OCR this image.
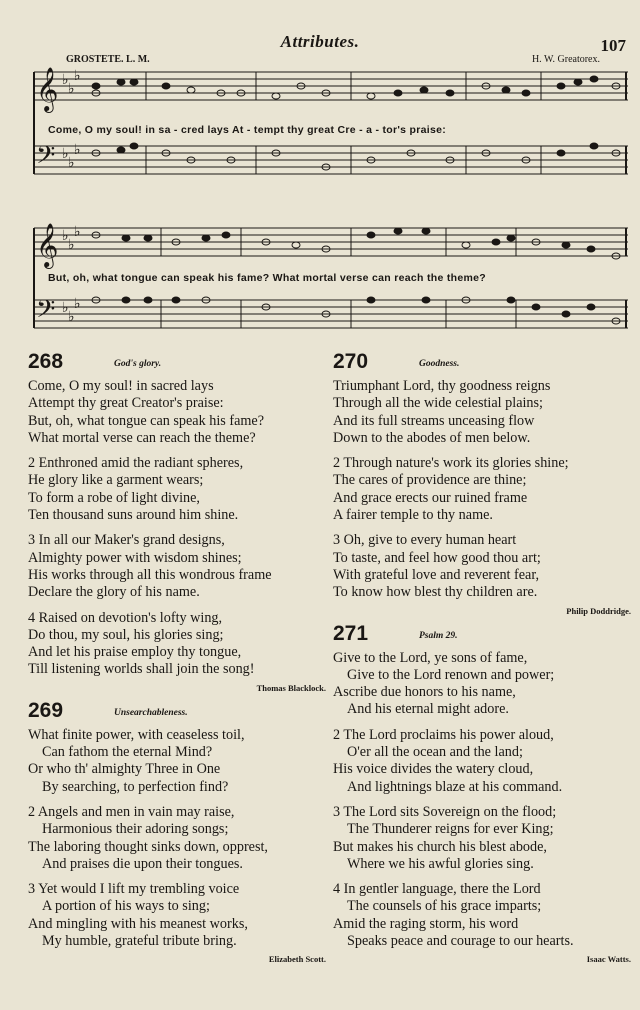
Attributes.	107
GROSTETE. L. M.	H. W. Greatorex.
𝄞
𝄢
♭
♭
♭
♭
♭
♭
Come, O my soul! in sa - cred lays At - tempt thy great Cre - a - tor's praise:
𝄞
𝄢
♭
♭
♭
♭
♭
♭
But, oh, what tongue can speak his fame? What mortal verse can reach the theme?
268	God's glory.
Come, O my soul! in sacred lays
Attempt thy great Creator's praise:
But, oh, what tongue can speak his fame?
What mortal verse can reach the theme?
2 Enthroned amid the radiant spheres,
He glory like a garment wears;
To form a robe of light divine,
Ten thousand suns around him shine.
3 In all our Maker's grand designs,
Almighty power with wisdom shines;
His works through all this wondrous frame
Declare the glory of his name.
4 Raised on devotion's lofty wing,
Do thou, my soul, his glories sing;
And let his praise employ thy tongue,
Till listening worlds shall join the song!
Thomas Blacklock.
269	Unsearchableness.
What finite power, with ceaseless toil,
Can fathom the eternal Mind?
Or who th' almighty Three in One
By searching, to perfection find?
2 Angels and men in vain may raise,
Harmonious their adoring songs;
The laboring thought sinks down, opprest,
And praises die upon their tongues.
3 Yet would I lift my trembling voice
A portion of his ways to sing;
And mingling with his meanest works,
My humble, grateful tribute bring.
Elizabeth Scott.
270	Goodness.
Triumphant Lord, thy goodness reigns
Through all the wide celestial plains;
And its full streams unceasing flow
Down to the abodes of men below.
2 Through nature's work its glories shine;
The cares of providence are thine;
And grace erects our ruined frame
A fairer temple to thy name.
3 Oh, give to every human heart
To taste, and feel how good thou art;
With grateful love and reverent fear,
To know how blest thy children are.
Philip Doddridge.
271	Psalm 29.
Give to the Lord, ye sons of fame,
Give to the Lord renown and power;
Ascribe due honors to his name,
And his eternal might adore.
2 The Lord proclaims his power aloud,
O'er all the ocean and the land;
His voice divides the watery cloud,
And lightnings blaze at his command.
3 The Lord sits Sovereign on the flood;
The Thunderer reigns for ever King;
But makes his church his blest abode,
Where we his awful glories sing.
4 In gentler language, there the Lord
The counsels of his grace imparts;
Amid the raging storm, his word
Speaks peace and courage to our hearts.
Isaac Watts.
